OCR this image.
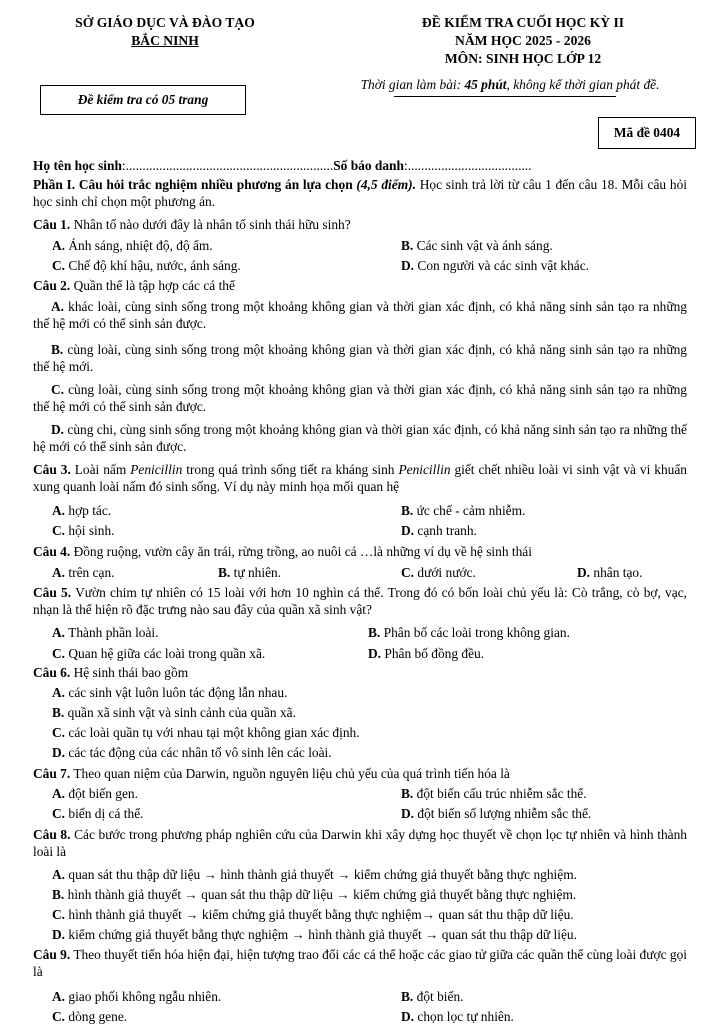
SỞ GIÁO DỤC VÀ ĐÀO TẠO
BẮC NINH
ĐỀ KIỂM TRA CUỐI HỌC KỲ II
NĂM HỌC 2025 - 2026
MÔN: SINH HỌC LỚP 12
Thời gian làm bài: 45 phút, không kể thời gian phát đề.
Đề kiểm tra có 05 trang
Mã đề 0404
Họ tên học sinh:..............................................................Số báo danh:.....................................
Phần I. Câu hỏi trắc nghiệm nhiều phương án lựa chọn (4,5 điểm). Học sinh trả lời từ câu 1 đến câu 18. Mỗi câu hỏi học sinh chỉ chọn một phương án.
Câu 1. Nhân tố nào dưới đây là nhân tố sinh thái hữu sinh?
A. Ánh sáng, nhiệt độ, độ ẩm.	B. Các sinh vật và ánh sáng.
C. Chế độ khí hậu, nước, ánh sáng.	D. Con người và các sinh vật khác.
Câu 2. Quần thể là tập hợp các cá thể
A. khác loài, cùng sinh sống trong một khoảng không gian và thời gian xác định, có khả năng sinh sản tạo ra những thế hệ mới có thể sinh sản được.
B. cùng loài, cùng sinh sống trong một khoảng không gian và thời gian xác định, có khả năng sinh sản tạo ra những thế hệ mới.
C. cùng loài, cùng sinh sống trong một khoảng không gian và thời gian xác định, có khả năng sinh sản tạo ra những thế hệ mới có thể sinh sản được.
D. cùng chi, cùng sinh sống trong một khoảng không gian và thời gian xác định, có khả năng sinh sản tạo ra những thế hệ mới có thể sinh sản được.
Câu 3. Loài nấm Penicillin trong quá trình sống tiết ra kháng sinh Penicillin giết chết nhiều loài vi sinh vật và vi khuẩn xung quanh loài nấm đó sinh sống. Ví dụ này minh họa mối quan hệ
A. hợp tác.	B. ức chế - cảm nhiễm.
C. hội sinh.	D. cạnh tranh.
Câu 4. Đồng ruộng, vườn cây ăn trái, rừng trồng, ao nuôi cá …là những ví dụ về hệ sinh thái
A. trên cạn.	B. tự nhiên.	C. dưới nước.	D. nhân tạo.
Câu 5. Vườn chim tự nhiên có 15 loài với hơn 10 nghìn cá thể. Trong đó có bốn loài chủ yếu là: Cò trắng, cò bợ, vạc, nhạn là thể hiện rõ đặc trưng nào sau đây của quần xã sinh vật?
A. Thành phần loài.	B. Phân bố các loài trong không gian.
C. Quan hệ giữa các loài trong quần xã.	D. Phân bố đồng đều.
Câu 6. Hệ sinh thái bao gồm
A. các sinh vật luôn luôn tác động lẫn nhau.
B. quần xã sinh vật và sinh cảnh của quần xã.
C. các loài quần tụ với nhau tại một không gian xác định.
D. các tác động của các nhân tố vô sinh lên các loài.
Câu 7. Theo quan niệm của Darwin, nguồn nguyên liệu chủ yếu của quá trình tiến hóa là
A. đột biến gen.	B. đột biến cấu trúc nhiễm sắc thể.
C. biến dị cá thể.	D. đột biến số lượng nhiễm sắc thể.
Câu 8. Các bước trong phương pháp nghiên cứu của Darwin khi xây dựng học thuyết về chọn lọc tự nhiên và hình thành loài là
A. quan sát thu thập dữ liệu → hình thành giả thuyết → kiểm chứng giả thuyết bằng thực nghiệm.
B. hình thành giả thuyết → quan sát thu thập dữ liệu → kiểm chứng giả thuyết bằng thực nghiệm.
C. hình thành giả thuyết → kiểm chứng giả thuyết bằng thực nghiệm→ quan sát thu thập dữ liệu.
D. kiểm chứng giả thuyết bằng thực nghiệm → hình thành giả thuyết → quan sát thu thập dữ liệu.
Câu 9. Theo thuyết tiến hóa hiện đại, hiện tượng trao đổi các cá thể hoặc các giao tử giữa các quần thể cùng loài được gọi là
A. giao phối không ngẫu nhiên.	B. đột biến.
C. dòng gene.	D. chọn lọc tự nhiên.
